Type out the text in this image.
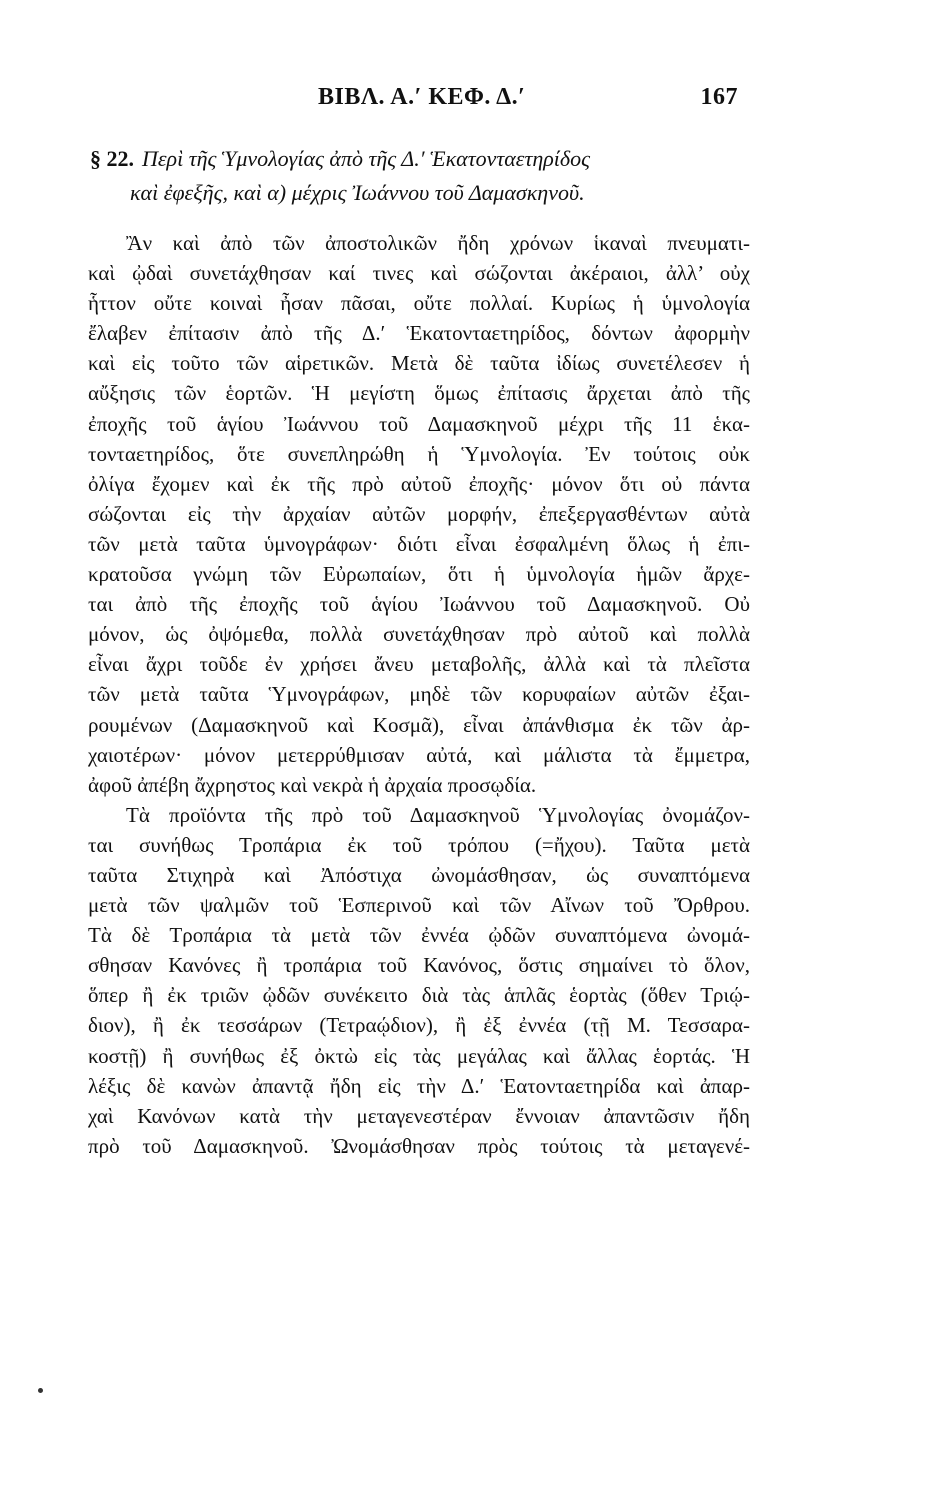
ΒΙΒΛ. Α.′ ΚΕΦ. Δ.′	167
§ 22. Περὶ τῆς Ὑμνολογίας ἀπὸ τῆς Δ.′ Ἑκατονταετηρίδος
καὶ ἐφεξῆς, καὶ α) μέχρις Ἰωάννου τοῦ Δαμασκηνοῦ.
Ἂν καὶ ἀπὸ τῶν ἀποστολικῶν ἤδη χρόνων ἱκαναὶ πνευματι-
καὶ ᾠδαὶ συνετάχθησαν καί τινες καὶ σώζονται ἀκέραιοι, ἀλλ’ οὐχ
ἧττον οὔτε κοιναὶ ἦσαν πᾶσαι, οὔτε πολλαί. Κυρίως ἡ ὑμνολογία
ἔλαβεν ἐπίτασιν ἀπὸ τῆς Δ.′ Ἑκατονταετηρίδος, δόντων ἀφορμὴν
καὶ εἰς τοῦτο τῶν αἱρετικῶν. Μετὰ δὲ ταῦτα ἰδίως συνετέλεσεν ἡ
αὔξησις τῶν ἑορτῶν. Ἡ μεγίστη ὅμως ἐπίτασις ἄρχεται ἀπὸ τῆς
ἐποχῆς τοῦ ἁγίου Ἰωάννου τοῦ Δαμασκηνοῦ μέχρι τῆς 11 ἑκα-
τονταετηρίδος, ὅτε συνεπληρώθη ἡ Ὑμνολογία. Ἐν τούτοις οὐκ
ὀλίγα ἔχομεν καὶ ἐκ τῆς πρὸ αὐτοῦ ἐποχῆς· μόνον ὅτι οὐ πάντα
σώζονται εἰς τὴν ἀρχαίαν αὐτῶν μορφήν, ἐπεξεργασθέντων αὐτὰ
τῶν μετὰ ταῦτα ὑμνογράφων· διότι εἶναι ἐσφαλμένη ὅλως ἡ ἐπι-
κρατοῦσα γνώμη τῶν Εὐρωπαίων, ὅτι ἡ ὑμνολογία ἡμῶν ἄρχε-
ται ἀπὸ τῆς ἐποχῆς τοῦ ἁγίου Ἰωάννου τοῦ Δαμασκηνοῦ. Οὐ
μόνον, ὡς ὀψόμεθα, πολλὰ συνετάχθησαν πρὸ αὐτοῦ καὶ πολλὰ
εἶναι ἄχρι τοῦδε ἐν χρήσει ἄνευ μεταβολῆς, ἀλλὰ καὶ τὰ πλεῖστα
τῶν μετὰ ταῦτα Ὑμνογράφων, μηδὲ τῶν κορυφαίων αὐτῶν ἐξαι-
ρουμένων (Δαμασκηνοῦ καὶ Κοσμᾶ), εἶναι ἀπάνθισμα ἐκ τῶν ἀρ-
χαιοτέρων· μόνον μετερρύθμισαν αὐτά, καὶ μάλιστα τὰ ἔμμετρα,
ἀφοῦ ἀπέβη ἄχρηστος καὶ νεκρὰ ἡ ἀρχαία προσῳδία.
Τὰ προϊόντα τῆς πρὸ τοῦ Δαμασκηνοῦ Ὑμνολογίας ὀνομάζον-
ται συνήθως Τροπάρια ἐκ τοῦ τρόπου (=ἤχου). Ταῦτα μετὰ
ταῦτα Στιχηρὰ καὶ Ἀπόστιχα ὠνομάσθησαν, ὡς συναπτόμενα
μετὰ τῶν ψαλμῶν τοῦ Ἑσπερινοῦ καὶ τῶν Αἴνων τοῦ Ὄρθρου.
Τὰ δὲ Τροπάρια τὰ μετὰ τῶν ἐννέα ᾠδῶν συναπτόμενα ὠνομά-
σθησαν Κανόνες ἢ τροπάρια τοῦ Κανόνος, ὅστις σημαίνει τὸ ὅλον,
ὅπερ ἢ ἐκ τριῶν ᾠδῶν συνέκειτο διὰ τὰς ἁπλᾶς ἑορτὰς (ὅθεν Τριῴ-
διον), ἢ ἐκ τεσσάρων (Τετραῴδιον), ἢ ἐξ ἐννέα (τῇ Μ. Τεσσαρα-
κοστῇ) ἢ συνήθως ἐξ ὀκτὼ εἰς τὰς μεγάλας καὶ ἄλλας ἑορτάς. Ἡ
λέξις δὲ κανὼν ἀπαντᾷ ἤδη εἰς τὴν Δ.′ Ἑατονταετηρίδα καὶ ἀπαρ-
χαὶ Κανόνων κατὰ τὴν μεταγενεστέραν ἔννοιαν ἀπαντῶσιν ἤδη
πρὸ τοῦ Δαμασκηνοῦ. Ὠνομάσθησαν πρὸς τούτοις τὰ μεταγενέ-
